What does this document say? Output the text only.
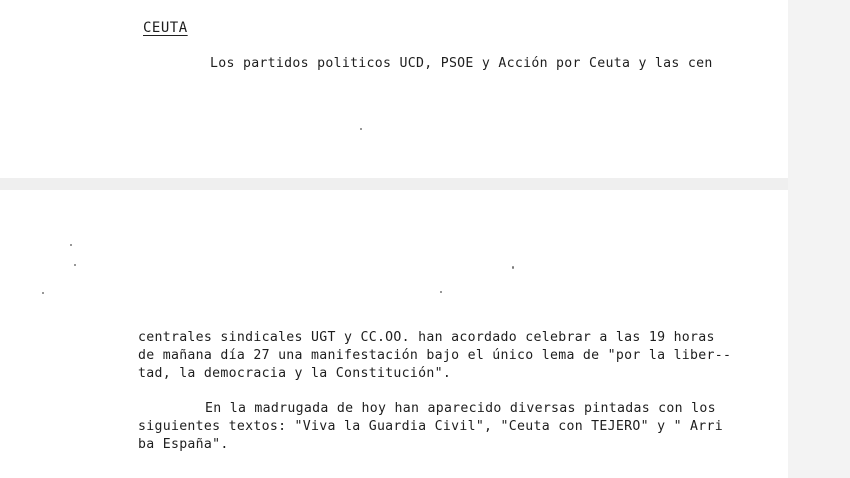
CEUTA
Los partidos politicos UCD, PSOE y Acción por Ceuta y las cen
centrales sindicales UGT y CC.OO. han acordado celebrar a las 19 horas
de mañana día 27 una manifestación bajo el único lema de "por la liber--
tad, la democracia y la Constitución".
En la madrugada de hoy han aparecido diversas pintadas con los
siguientes textos: "Viva la Guardia Civil", "Ceuta con TEJERO" y " Arri
ba España".
